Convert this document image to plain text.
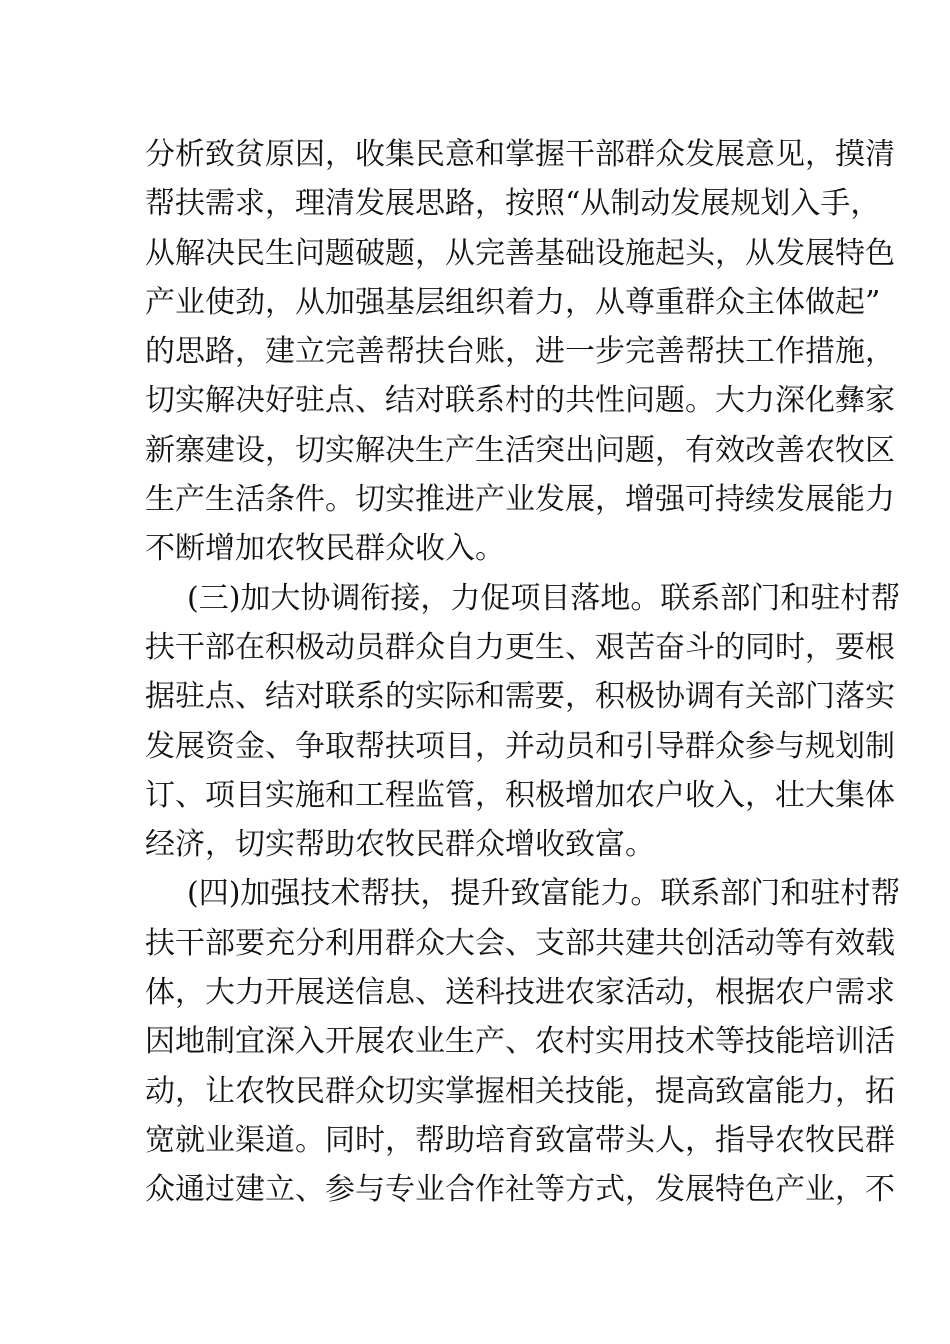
分析致贫原因，收集民意和掌握干部群众发展意见，摸清
帮扶需求，理清发展思路，按照“从制动发展规划入手，
从解决民生问题破题，从完善基础设施起头，从发展特色
产业使劲，从加强基层组织着力，从尊重群众主体做起”
的思路，建立完善帮扶台账，进一步完善帮扶工作措施，
切实解决好驻点、结对联系村的共性问题。大力深化彝家
新寨建设，切实解决生产生活突出问题，有效改善农牧区
生产生活条件。切实推进产业发展，增强可持续发展能力
不断增加农牧民群众收入。
(三)加大协调衔接，力促项目落地。联系部门和驻村帮
扶干部在积极动员群众自力更生、艰苦奋斗的同时，要根
据驻点、结对联系的实际和需要，积极协调有关部门落实
发展资金、争取帮扶项目，并动员和引导群众参与规划制
订、项目实施和工程监管，积极增加农户收入，壮大集体
经济，切实帮助农牧民群众增收致富。
(四)加强技术帮扶，提升致富能力。联系部门和驻村帮
扶干部要充分利用群众大会、支部共建共创活动等有效载
体，大力开展送信息、送科技进农家活动，根据农户需求
因地制宜深入开展农业生产、农村实用技术等技能培训活
动，让农牧民群众切实掌握相关技能，提高致富能力，拓
宽就业渠道。同时，帮助培育致富带头人，指导农牧民群
众通过建立、参与专业合作社等方式，发展特色产业，不
